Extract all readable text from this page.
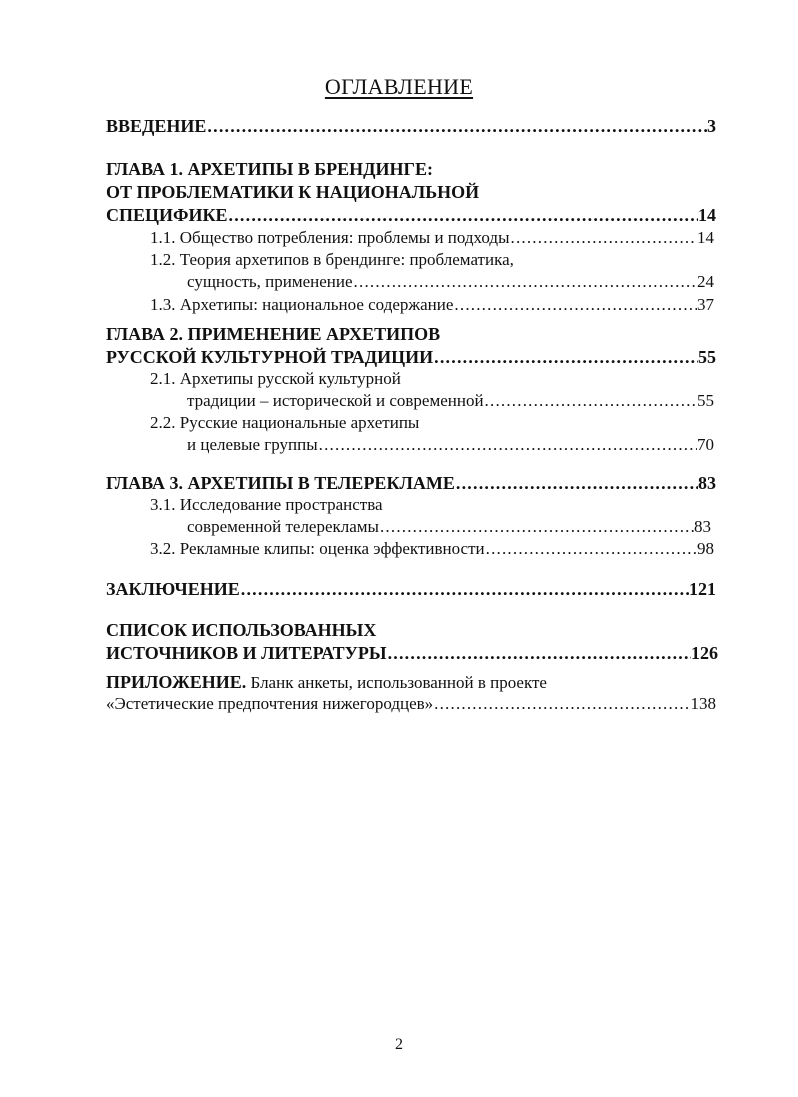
ОГЛАВЛЕНИЕ
ВВЕДЕНИЕ .....	3
ГЛАВА 1. АРХЕТИПЫ В БРЕНДИНГЕ:
ОТ ПРОБЛЕМАТИКИ К НАЦИОНАЛЬНОЙ
СПЕЦИФИКЕ .....	14
1.1. Общество потребления: проблемы и подходы .....	14
1.2. Теория архетипов в брендинге: проблематика,
сущность, применение .....	24
1.3. Архетипы: национальное содержание .....	37
ГЛАВА 2. ПРИМЕНЕНИЕ АРХЕТИПОВ
РУССКОЙ КУЛЬТУРНОЙ ТРАДИЦИИ .....	55
2.1. Архетипы русской культурной
традиции – исторической и современной .....	55
2.2. Русские национальные архетипы
и целевые группы .....	70
ГЛАВА 3. АРХЕТИПЫ В ТЕЛЕРЕКЛАМЕ .....	83
3.1. Исследование пространства
современной телерекламы .....	83
3.2. Рекламные клипы: оценка эффективности .....	98
ЗАКЛЮЧЕНИЕ .....	121
СПИСОК ИСПОЛЬЗОВАННЫХ
ИСТОЧНИКОВ И ЛИТЕРАТУРЫ .....	126
ПРИЛОЖЕНИЕ. Бланк анкеты, использованной в проекте
«Эстетические предпочтения нижегородцев» .....	138
2
